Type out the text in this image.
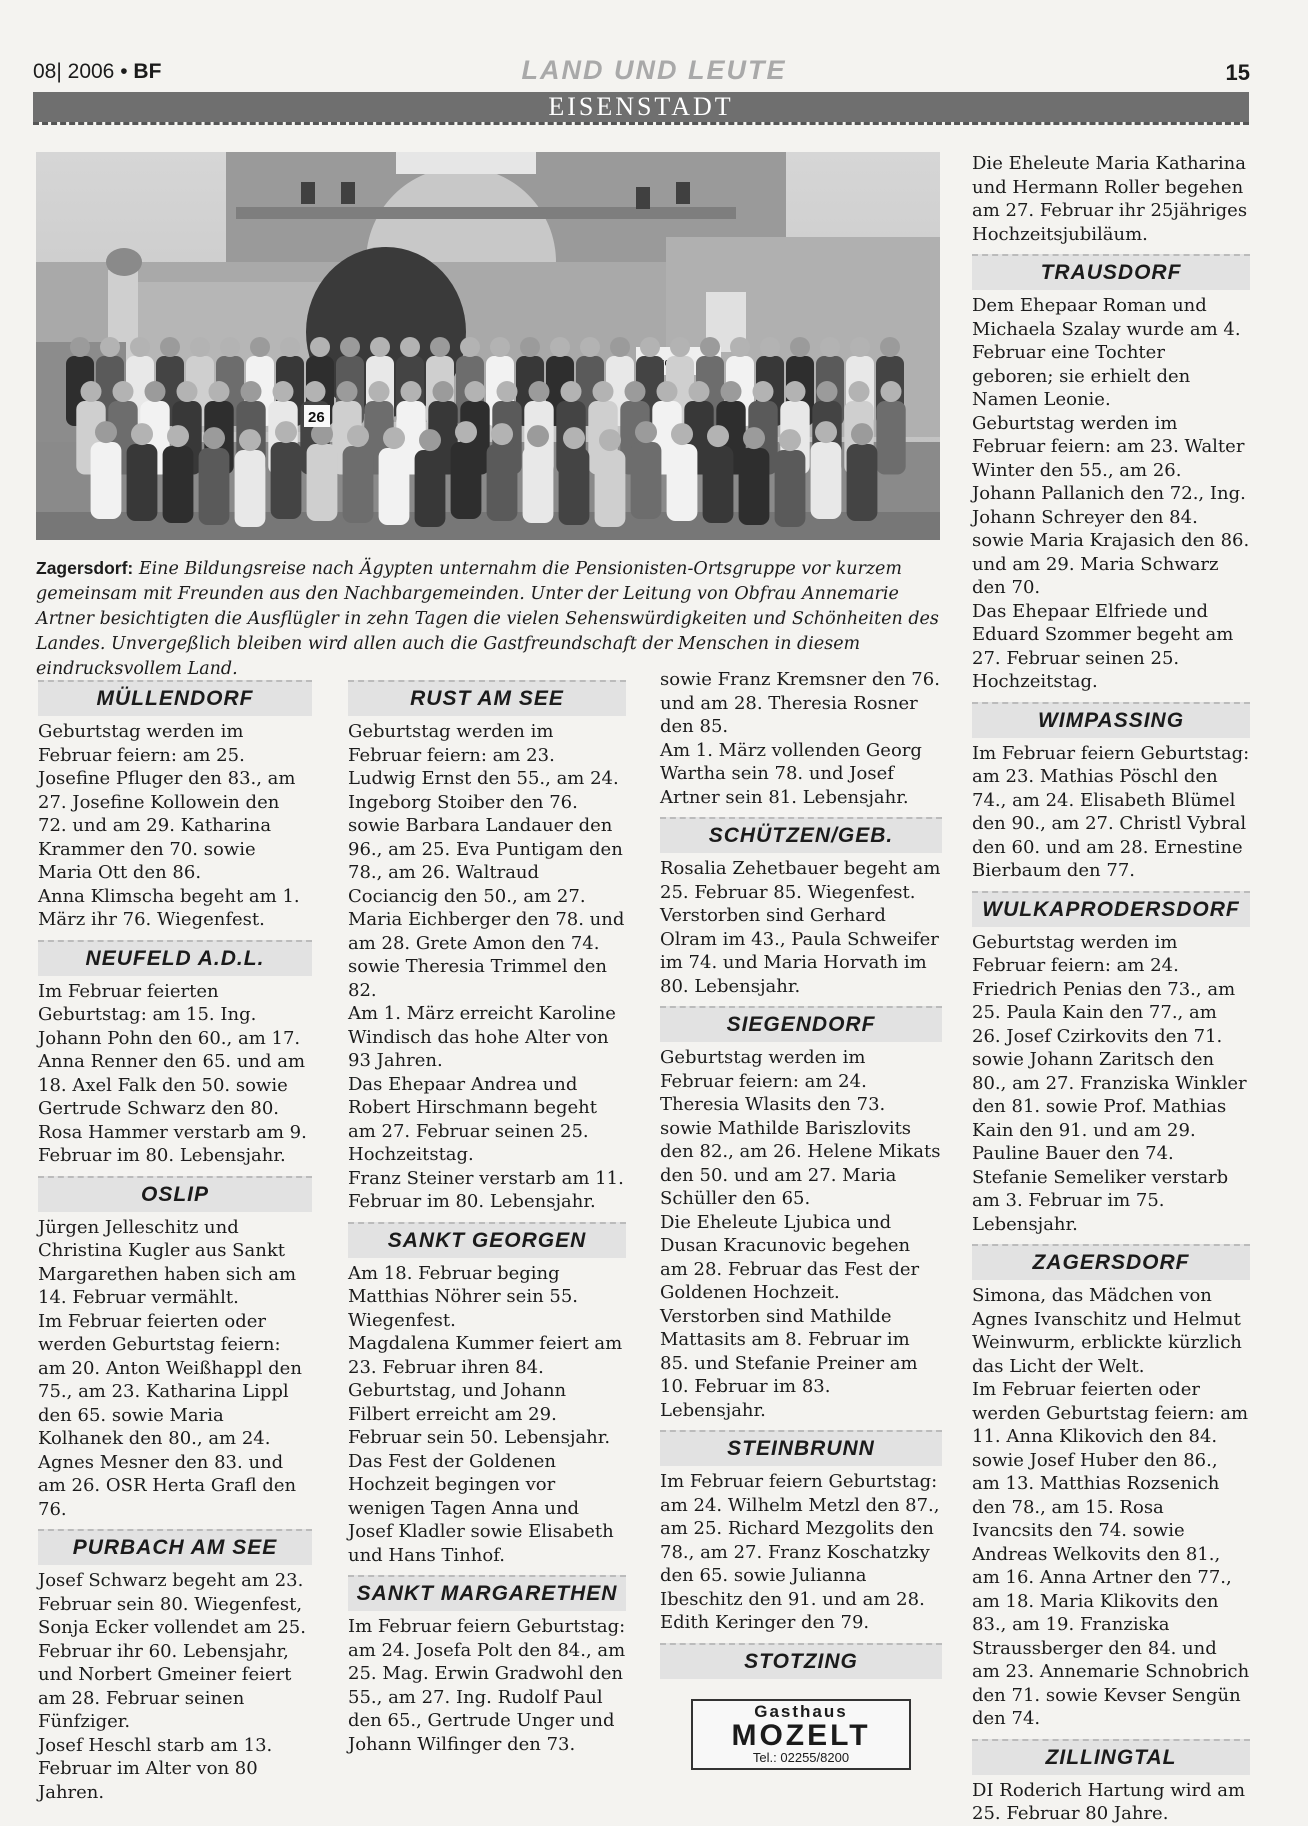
08| 2006 • BF	LAND UND LEUTE	15
EISENSTADT
26
Zagersdorf: Eine Bildungsreise nach Ägypten unternahm die Pensionisten-Ortsgruppe vor kurzem gemeinsam mit Freunden aus den Nachbargemeinden. Unter der Leitung von Obfrau Annemarie Artner besichtigten die Ausflügler in zehn Tagen die vielen Sehenswürdigkeiten und Schönheiten des Landes. Unvergeßlich bleiben wird allen auch die Gastfreundschaft der Menschen in diesem eindrucksvollem Land.
MÜLLENDORF

Geburtstag werden im Februar feiern: am 25. Josefine Pfluger den 83., am 27. Josefine Kollowein den 72. und am 29. Katharina Krammer den 70. sowie Maria Ott den 86.

Anna Klimscha begeht am 1. März ihr 76. Wiegenfest.

NEUFELD A.D.L.

Im Februar feierten Geburtstag: am 15. Ing. Johann Pohn den 60., am 17. Anna Renner den 65. und am 18. Axel Falk den 50. sowie Gertrude Schwarz den 80.

Rosa Hammer verstarb am 9. Februar im 80. Lebensjahr.

OSLIP

Jürgen Jelleschitz und Christina Kugler aus Sankt Margarethen haben sich am 14. Februar vermählt.

Im Februar feierten oder werden Geburtstag feiern: am 20. Anton Weißhappl den 75., am 23. Katharina Lippl den 65. sowie Maria Kolhanek den 80., am 24. Agnes Mesner den 83. und am 26. OSR Herta Grafl den 76.

PURBACH AM SEE

Josef Schwarz begeht am 23. Februar sein 80. Wiegenfest, Sonja Ecker vollendet am 25. Februar ihr 60. Lebensjahr, und Norbert Gmeiner feiert am 28. Februar seinen Fünfziger.

Josef Heschl starb am 13. Februar im Alter von 80 Jahren.

RUST AM SEE

Geburtstag werden im Februar feiern: am 23. Ludwig Ernst den 55., am 24. Ingeborg Stoiber den 76. sowie Barbara Landauer den 96., am 25. Eva Puntigam den 78., am 26. Waltraud Cociancig den 50., am 27. Maria Eichberger den 78. und am 28. Grete Amon den 74. sowie Theresia Trimmel den 82.

Am 1. März erreicht Karoline Windisch das hohe Alter von 93 Jahren.

Das Ehepaar Andrea und Robert Hirschmann begeht am 27. Februar seinen 25. Hochzeitstag.

Franz Steiner verstarb am 11. Februar im 80. Lebensjahr.

SANKT GEORGEN

Am 18. Februar beging Matthias Nöhrer sein 55. Wiegenfest.

Magdalena Kummer feiert am 23. Februar ihren 84. Geburtstag, und Johann Filbert erreicht am 29. Februar sein 50. Lebensjahr.

Das Fest der Goldenen Hochzeit begingen vor wenigen Tagen Anna und Josef Kladler sowie Elisabeth und Hans Tinhof.

SANKT MARGARETHEN

Im Februar feiern Geburtstag: am 24. Josefa Polt den 84., am 25. Mag. Erwin Gradwohl den 55., am 27. Ing. Rudolf Paul den 65., Gertrude Unger und Johann Wilfinger den 73.

sowie Franz Kremsner den 76. und am 28. Theresia Rosner den 85.

Am 1. März vollenden Georg Wartha sein 78. und Josef Artner sein 81. Lebensjahr.

SCHÜTZEN/GEB.

Rosalia Zehetbauer begeht am 25. Februar 85. Wiegenfest.

Verstorben sind Gerhard Olram im 43., Paula Schweifer im 74. und Maria Horvath im 80. Lebensjahr.

SIEGENDORF

Geburtstag werden im Februar feiern: am 24. Theresia Wlasits den 73. sowie Mathilde Bariszlovits den 82., am 26. Helene Mikats den 50. und am 27. Maria Schüller den 65.

Die Eheleute Ljubica und Dusan Kracunovic begehen am 28. Februar das Fest der Goldenen Hochzeit.

Verstorben sind Mathilde Mattasits am 8. Februar im 85. und Stefanie Preiner am 10. Februar im 83. Lebensjahr.

STEINBRUNN

Im Februar feiern Geburtstag: am 24. Wilhelm Metzl den 87., am 25. Richard Mezgolits den 78., am 27. Franz Koschatzky den 65. sowie Julianna Ibeschitz den 91. und am 28. Edith Keringer den 79.

STOTZING
Gasthaus
MOZELT
Tel.: 02255/8200

Die Eheleute Maria Katharina und Hermann Roller begehen am 27. Februar ihr 25jähriges Hochzeitsjubiläum.

TRAUSDORF

Dem Ehepaar Roman und Michaela Szalay wurde am 4. Februar eine Tochter geboren; sie erhielt den Namen Leonie.

Geburtstag werden im Februar feiern: am 23. Walter Winter den 55., am 26. Johann Pallanich den 72., Ing. Johann Schreyer den 84. sowie Maria Krajasich den 86. und am 29. Maria Schwarz den 70.

Das Ehepaar Elfriede und Eduard Szommer begeht am 27. Februar seinen 25. Hochzeitstag.

WIMPASSING

Im Februar feiern Geburtstag: am 23. Mathias Pöschl den 74., am 24. Elisabeth Blümel den 90., am 27. Christl Vybral den 60. und am 28. Ernestine Bierbaum den 77.

WULKAPRODERSDORF

Geburtstag werden im Februar feiern: am 24. Friedrich Penias den 73., am 25. Paula Kain den 77., am 26. Josef Czirkovits den 71. sowie Johann Zaritsch den 80., am 27. Franziska Winkler den 81. sowie Prof. Mathias Kain den 91. und am 29. Pauline Bauer den 74.

Stefanie Semeliker verstarb am 3. Februar im 75. Lebensjahr.

ZAGERSDORF

Simona, das Mädchen von Agnes Ivanschitz und Helmut Weinwurm, erblickte kürzlich das Licht der Welt.

Im Februar feierten oder werden Geburtstag feiern: am 11. Anna Klikovich den 84. sowie Josef Huber den 86., am 13. Matthias Rozsenich den 78., am 15. Rosa Ivancsits den 74. sowie Andreas Welkovits den 81., am 16. Anna Artner den 77., am 18. Maria Klikovits den 83., am 19. Franziska Straussberger den 84. und am 23. Annemarie Schnobrich den 71. sowie Kevser Sengün den 74.

ZILLINGTAL

DI Roderich Hartung wird am 25. Februar 80 Jahre.
